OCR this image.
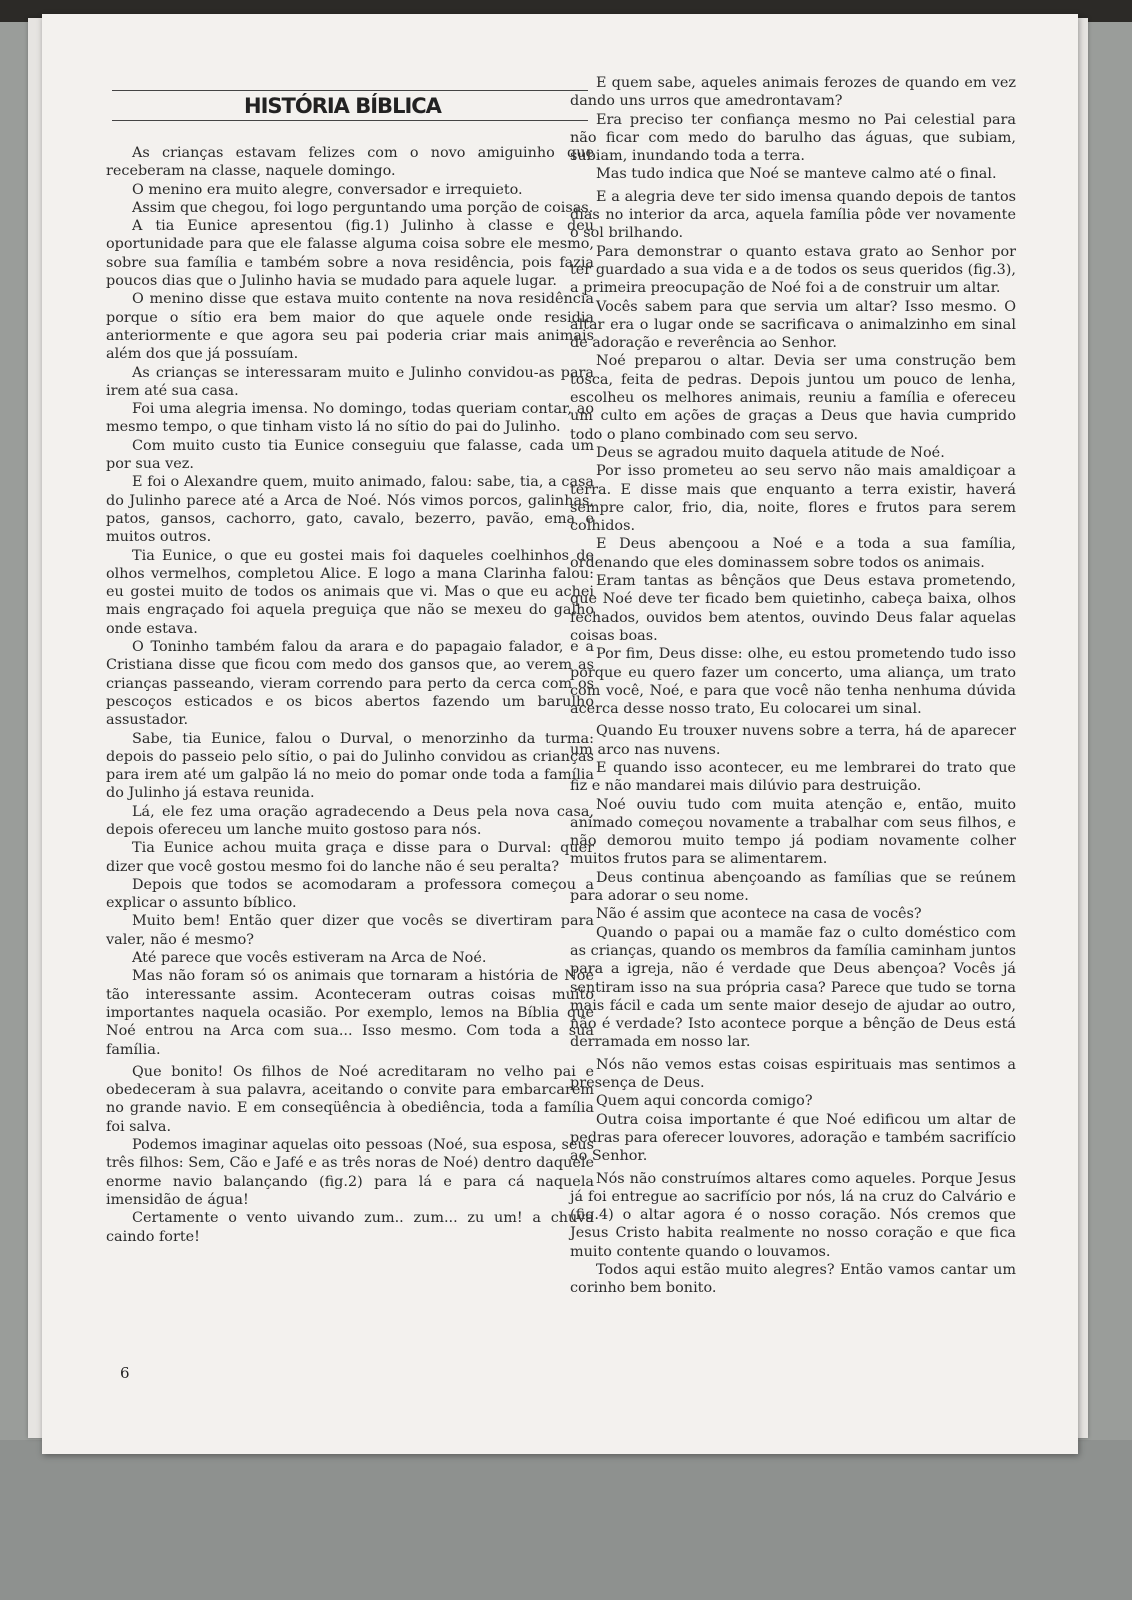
HISTÓRIA BÍBLICA

As crianças estavam felizes com o novo amiguinho que receberam na classe, naquele domingo.

O menino era muito alegre, conversador e irrequieto.

Assim que chegou, foi logo perguntando uma porção de coisas.

A tia Eunice apresentou (fig.1) Julinho à classe e deu oportunidade para que ele falasse alguma coisa sobre ele mesmo, sobre sua família e também sobre a nova residência, pois fazia poucos dias que o Julinho havia se mudado para aquele lugar.

O menino disse que estava muito contente na nova residência porque o sítio era bem maior do que aquele onde residia anteriormente e que agora seu pai poderia criar mais animais além dos que já possuíam.

As crianças se interessaram muito e Julinho convidou-as para irem até sua casa.

Foi uma alegria imensa. No domingo, todas queriam contar, ao mesmo tempo, o que tinham visto lá no sítio do pai do Julinho.

Com muito custo tia Eunice conseguiu que falasse, cada um por sua vez.

E foi o Alexandre quem, muito animado, falou: sabe, tia, a casa do Julinho parece até a Arca de Noé. Nós vimos porcos, galinhas, patos, gansos, cachorro, gato, cavalo, bezerro, pavão, ema e muitos outros.

Tia Eunice, o que eu gostei mais foi daqueles coelhinhos de olhos vermelhos, completou Alice. E logo a mana Clarinha falou: eu gostei muito de todos os animais que vi. Mas o que eu achei mais engraçado foi aquela preguiça que não se mexeu do galho onde estava.

O Toninho também falou da arara e do papagaio falador, e a Cristiana disse que ficou com medo dos gansos que, ao verem as crianças passeando, vieram correndo para perto da cerca com os pescoços esticados e os bicos abertos fazendo um barulho assustador.

Sabe, tia Eunice, falou o Durval, o menorzinho da turma: depois do passeio pelo sítio, o pai do Julinho convidou as crianças para irem até um galpão lá no meio do pomar onde toda a família do Julinho já estava reunida.

Lá, ele fez uma oração agradecendo a Deus pela nova casa, depois ofereceu um lanche muito gostoso para nós.

Tia Eunice achou muita graça e disse para o Durval: quer dizer que você gostou mesmo foi do lanche não é seu peralta?

Depois que todos se acomodaram a professora começou a explicar o assunto bíblico.

Muito bem! Então quer dizer que vocês se divertiram para valer, não é mesmo?

Até parece que vocês estiveram na Arca de Noé.

Mas não foram só os animais que tornaram a história de Noé tão interessante assim. Aconteceram outras coisas muito importantes naquela ocasião. Por exemplo, lemos na Bíblia que Noé entrou na Arca com sua... Isso mesmo. Com toda a sua família.

Que bonito! Os filhos de Noé acreditaram no velho pai e obedeceram à sua palavra, aceitando o convite para embarcarem no grande navio. E em conseqüência à obediência, toda a família foi salva.

Podemos imaginar aquelas oito pessoas (Noé, sua esposa, seus três filhos: Sem, Cão e Jafé e as três noras de Noé) dentro daquele enorme navio balançando (fig.2) para lá e para cá naquela imensidão de água!

Certamente o vento uivando zum.. zum... zu um! a chuva caindo forte!

E quem sabe, aqueles animais ferozes de quando em vez dando uns urros que amedrontavam?

Era preciso ter confiança mesmo no Pai celestial para não ficar com medo do barulho das águas, que subiam, subiam, inundando toda a terra.

Mas tudo indica que Noé se manteve calmo até o final.

E a alegria deve ter sido imensa quando depois de tantos dias no interior da arca, aquela família pôde ver novamente o sol brilhando.

Para demonstrar o quanto estava grato ao Senhor por ter guardado a sua vida e a de todos os seus queridos (fig.3), a primeira preocupação de Noé foi a de construir um altar.

Vocês sabem para que servia um altar? Isso mesmo. O altar era o lugar onde se sacrificava o animalzinho em sinal de adoração e reverência ao Senhor.

Noé preparou o altar. Devia ser uma construção bem tosca, feita de pedras. Depois juntou um pouco de lenha, escolheu os melhores animais, reuniu a família e ofereceu um culto em ações de graças a Deus que havia cumprido todo o plano combinado com seu servo.

Deus se agradou muito daquela atitude de Noé.

Por isso prometeu ao seu servo não mais amaldiçoar a terra. E disse mais que enquanto a terra existir, haverá sempre calor, frio, dia, noite, flores e frutos para serem colhidos.

E Deus abençoou a Noé e a toda a sua família, ordenando que eles dominassem sobre todos os animais.

Eram tantas as bênçãos que Deus estava prometendo, que Noé deve ter ficado bem quietinho, cabeça baixa, olhos fechados, ouvidos bem atentos, ouvindo Deus falar aquelas coisas boas.

Por fim, Deus disse: olhe, eu estou prometendo tudo isso porque eu quero fazer um concerto, uma aliança, um trato com você, Noé, e para que você não tenha nenhuma dúvida acerca desse nosso trato, Eu colocarei um sinal.

Quando Eu trouxer nuvens sobre a terra, há de aparecer um arco nas nuvens.

E quando isso acontecer, eu me lembrarei do trato que fiz e não mandarei mais dilúvio para destruição.

Noé ouviu tudo com muita atenção e, então, muito animado começou novamente a trabalhar com seus filhos, e não demorou muito tempo já podiam novamente colher muitos frutos para se alimentarem.

Deus continua abençoando as famílias que se reúnem para adorar o seu nome.

Não é assim que acontece na casa de vocês?

Quando o papai ou a mamãe faz o culto doméstico com as crianças, quando os membros da família caminham juntos para a igreja, não é verdade que Deus abençoa? Vocês já sentiram isso na sua própria casa? Parece que tudo se torna mais fácil e cada um sente maior desejo de ajudar ao outro, não é verdade? Isto acontece porque a bênção de Deus está derramada em nosso lar.

Nós não vemos estas coisas espirituais mas sentimos a presença de Deus.

Quem aqui concorda comigo?

Outra coisa importante é que Noé edificou um altar de pedras para oferecer louvores, adoração e também sacrifício ao Senhor.

Nós não construímos altares como aqueles. Porque Jesus já foi entregue ao sacrifício por nós, lá na cruz do Calvário e (fig.4) o altar agora é o nosso coração. Nós cremos que Jesus Cristo habita realmente no nosso coração e que fica muito contente quando o louvamos.

Todos aqui estão muito alegres? Então vamos cantar um corinho bem bonito.

6
